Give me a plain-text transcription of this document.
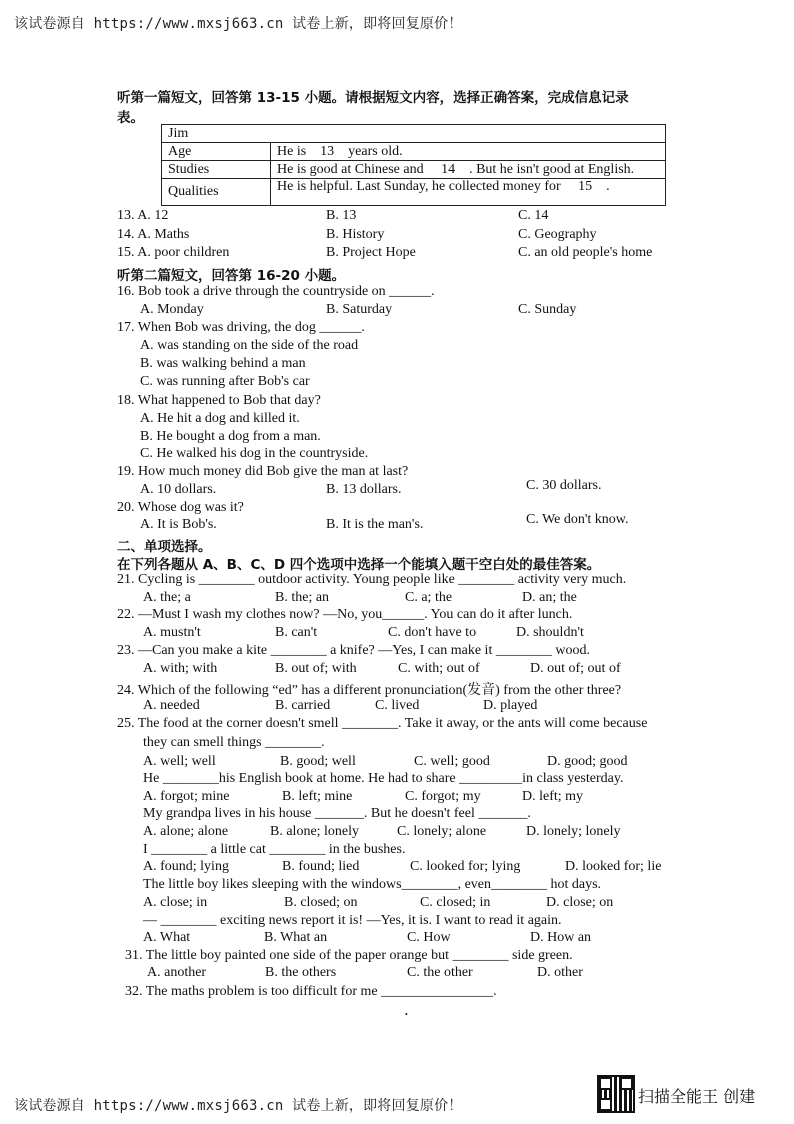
该试卷源自 https://www.mxsj663.cn 试卷上新，即将回复原价！
听第一篇短文，回答第 13-15 小题。请根据短文内容，选择正确答案，完成信息记录
表。
Jim	
Age	He is    13    years old.
Studies	He is good at Chinese and     14    . But he isn't good at English.
Qualities	He is helpful. Last Sunday, he collected money for     15    .
13. A. 12	B. 13	C. 14
14. A. Maths	B. History	C. Geography
15. A. poor children	B. Project Hope	C. an old people's home
听第二篇短文，回答第 16-20 小题。
16. Bob took a drive through the countryside on ______.
A. Monday	B. Saturday	C. Sunday
17. When Bob was driving, the dog ______.
A. was standing on the side of the road
B. was walking behind a man
C. was running after Bob's car
18. What happened to Bob that day?
A. He hit a dog and killed it.
B. He bought a dog from a man.
C. He walked his dog in the countryside.
19. How much money did Bob give the man at last?
A. 10 dollars.	B. 13 dollars.	C. 30 dollars.
20. Whose dog was it?
A. It is Bob's.	B. It is the man's.	C. We don't know.
二、单项选择。
在下列各题从 A、B、C、D 四个选项中选择一个能填入题干空白处的最佳答案。
21. Cycling is ________ outdoor activity. Young people like ________ activity very much.
A. the; a	B. the; an	C. a; the	D. an; the
22. —Must I wash my clothes now? —No, you______. You can do it after lunch.
A. mustn't	B. can't	C. don't have to	D. shouldn't
23. —Can you make a kite ________ a knife? —Yes, I can make it ________ wood.
A. with; with	B. out of; with	C. with; out of	D. out of; out of
24. Which of the following “ed” has a different pronunciation(发音) from the other three?
A. needed	B. carried	C. lived	D. played
25. The food at the corner doesn't smell ________. Take it away, or the ants will come because
they can smell things ________.
A. well; well	B. good; well	C. well; good	D. good; good
He ________his English book at home. He had to share _________in class yesterday.
A. forgot; mine	B. left; mine	C. forgot; my	D. left; my
My grandpa lives in his house _______. But he doesn't feel _______.
A. alone; alone	B. alone; lonely	C. lonely; alone	D. lonely; lonely
I ________ a little cat ________ in the bushes.
A. found; lying	B. found; lied	C. looked for; lying	D. looked for; lie
The little boy likes sleeping with the windows________, even________ hot days.
A. close; in	B. closed; on	C. closed; in	D. close; on
— ________ exciting news report it is! —Yes, it is. I want to read it again.
A. What	B. What an	C. How	D. How an
31. The little boy painted one side of the paper orange but ________ side green.
A. another	B. the others	C. the other	D. other
32. The maths problem is too difficult for me ________________.
•
该试卷源自 https://www.mxsj663.cn 试卷上新，即将回复原价！	扫描全能王 创建
